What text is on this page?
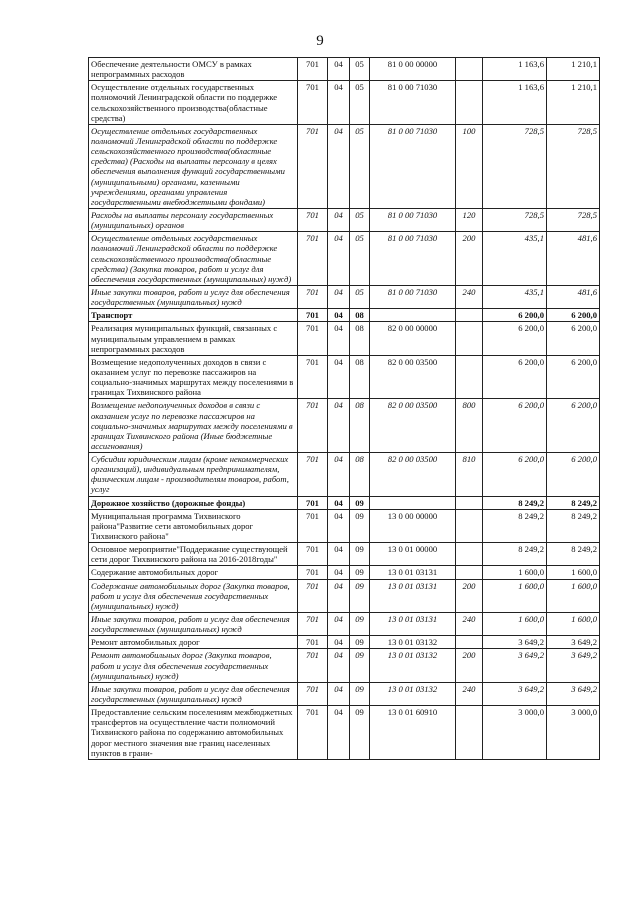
9
Обеспечение деятельности ОМСУ в рамках непрограммных расходов	701	04	05	81 0 00 00000		1 163,6	1 210,1
Осуществление отдельных государственных полномочий Ленинградской области по поддержке сельскохозяйственного производства(областные средства)	701	04	05	81 0 00 71030		1 163,6	1 210,1
Осуществление отдельных государственных полномочий Ленинградской области по поддержке сельскохозяйственного производства(областные средства) (Расходы на выплаты персоналу в целях обеспечения выполнения функций государственными (муниципальными) органами, казенными учреждениями, органами управления государственными внебюджетными фондами)	701	04	05	81 0 00 71030	100	728,5	728,5
Расходы на выплаты персоналу государственных (муниципальных) органов	701	04	05	81 0 00 71030	120	728,5	728,5
Осуществление отдельных государственных полномочий Ленинградской области по поддержке сельскохозяйственного производства(областные средства) (Закупка товаров, работ и услуг для обеспечения государственных (муниципальных) нужд)	701	04	05	81 0 00 71030	200	435,1	481,6
Иные закупки товаров, работ и услуг для обеспечения государственных (муниципальных) нужд	701	04	05	81 0 00 71030	240	435,1	481,6
Транспорт	701	04	08			6 200,0	6 200,0
Реализация муниципальных функций, связанных с муниципальным управлением в рамках непрограммных расходов	701	04	08	82 0 00 00000		6 200,0	6 200,0
Возмещение недополученных доходов в связи с оказанием услуг по перевозке пассажиров на социально-значимых маршрутах между поселениями в границах Тихвинского района	701	04	08	82 0 00 03500		6 200,0	6 200,0
Возмещение недополученных доходов в связи с оказанием услуг по перевозке пассажиров на социально-значимых маршрутах между поселениями в границах Тихвинского района (Иные бюджетные ассигнования)	701	04	08	82 0 00 03500	800	6 200,0	6 200,0
Субсидии юридическим лицам (кроме некоммерческих организаций), индивидуальным предпринимателям, физическим лицам - производителям товаров, работ, услуг	701	04	08	82 0 00 03500	810	6 200,0	6 200,0
Дорожное хозяйство (дорожные фонды)	701	04	09			8 249,2	8 249,2
Муниципальная программа Тихвинского района"Развитие сети автомобильных дорог Тихвинского района"	701	04	09	13 0 00 00000		8 249,2	8 249,2
Основное мероприятие"Поддержание существующей сети дорог Тихвинского района на 2016-2018годы"	701	04	09	13 0 01 00000		8 249,2	8 249,2
Содержание автомобильных дорог	701	04	09	13 0 01 03131		1 600,0	1 600,0
Содержание автомобильных дорог (Закупка товаров, работ и услуг для обеспечения государственных (муниципальных) нужд)	701	04	09	13 0 01 03131	200	1 600,0	1 600,0
Иные закупки товаров, работ и услуг для обеспечения государственных (муниципальных) нужд	701	04	09	13 0 01 03131	240	1 600,0	1 600,0
Ремонт автомобильных дорог	701	04	09	13 0 01 03132		3 649,2	3 649,2
Ремонт автомобильных дорог (Закупка товаров, работ и услуг для обеспечения государственных (муниципальных) нужд)	701	04	09	13 0 01 03132	200	3 649,2	3 649,2
Иные закупки товаров, работ и услуг для обеспечения государственных (муниципальных) нужд	701	04	09	13 0 01 03132	240	3 649,2	3 649,2
Предоставление сельским поселениям межбюджетных трансфертов на осуществление части полномочий Тихвинского района по содержанию автомобильных дорог местного значения вне границ населенных пунктов в грани-	701	04	09	13 0 01 60910		3 000,0	3 000,0
